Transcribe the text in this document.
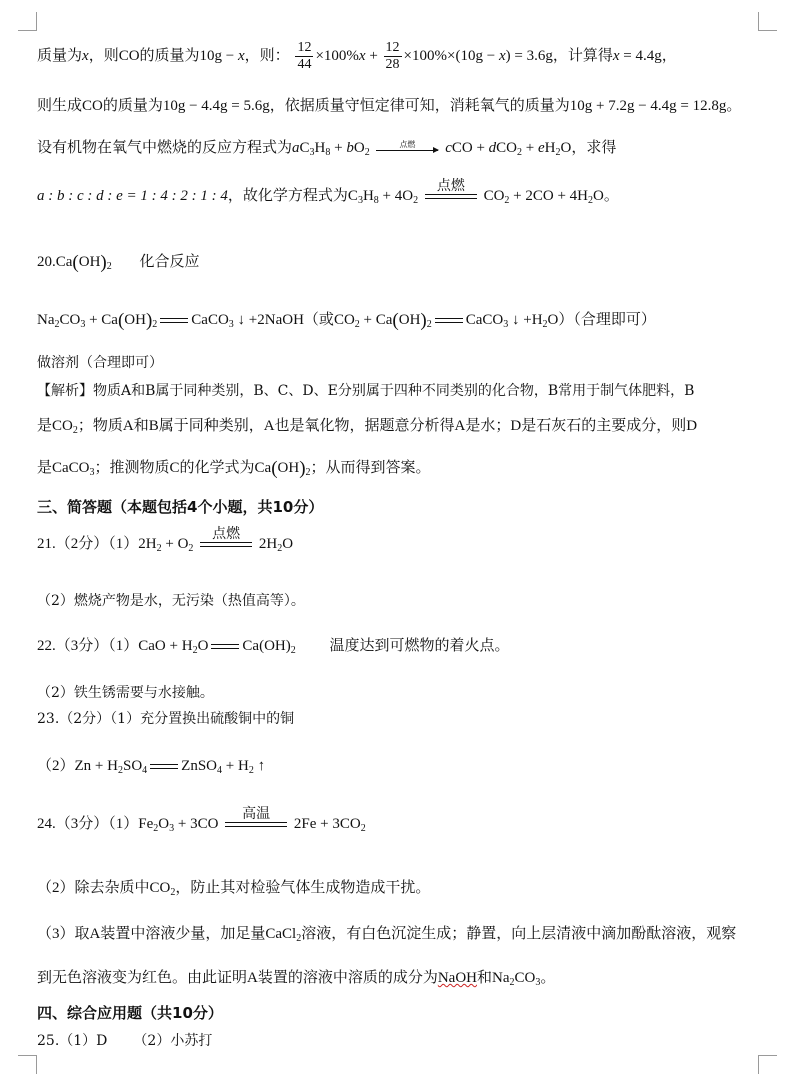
质量为x，则CO的质量为10g − x，则： $\frac{12}{44} \times 100\%x + \frac{12}{28} \times 100\%\times(10g - x) = 3.6g$，计算得x = 4.4g，
则生成CO的质量为10g − 4.4g = 5.6g，依据质量守恒定律可知，消耗氧气的质量为10g + 7.2g − 4.4g = 12.8g。
设有机物在氧气中燃烧的反应方程式为$aC_3H_8 + bO_2$
点燃 cCO + $dCO_2 + eH_2O$，求得
a : b : c : d : e = 1 : 4 : 2 : 1 : 4，故化学方程式为$C_3H_8 + 4O_2$
点燃
$CO_2 + 2CO + 4H_2O$。
$20.Ca(OH)_2$ 化合反应
$Na_2CO_3 + Ca(OH)_2$ CaCO$_3$ ↓ +2NaOH（或$CO_2 + Ca(OH)_2$ CaCO$_3$ ↓ $+H_2O$）（合理即可）
做溶剂（合理即可）
【解析】物质A和B属于同种类别，B、C、D、E分别属于四种不同类别的化合物，B常用于制气体肥料，B
是$CO_2$；物质A和B属于同种类别，A也是氧化物，据题意分析得A是水；D是石灰石的主要成分，则D
是CaCO$_3$；推测物质C的化学式为$Ca(OH)_2$；从而得到答案。
三、简答题（本题包括4个小题，共10分）
21.（2分）$(1)2H_2 + O_2$
点燃
$2H_2O$
（2）燃烧产物是水，无污染（热值高等）。
22.（3分）$(1)CaO + H_2O$ $Ca(OH)_2$ 温度达到可燃物的着火点。
（2）铁生锈需要与水接触。
23.（2分）（1）充分置换出硫酸铜中的铜
$(2)Zn + H_2SO_4$ ZnSO$_4$ + $H_2$ ↑
24.（3分）$(1)Fe_2O_3 + 3CO$
高温
$2Fe + 3CO_2$
（2）除去杂质中$CO_2$，防止其对检验气体生成物造成干扰。
（3）取A装置中溶液少量，加足量CaCl$_2$溶液，有白色沉淀生成；静置，向上层清液中滴加酚酞溶液，观察
到无色溶液变为红色。由此证明A装置的溶液中溶质的成分为NaOH和$Na_2CO_3$。
四、综合应用题（共10分）
25.（1）D （2）小苏打
